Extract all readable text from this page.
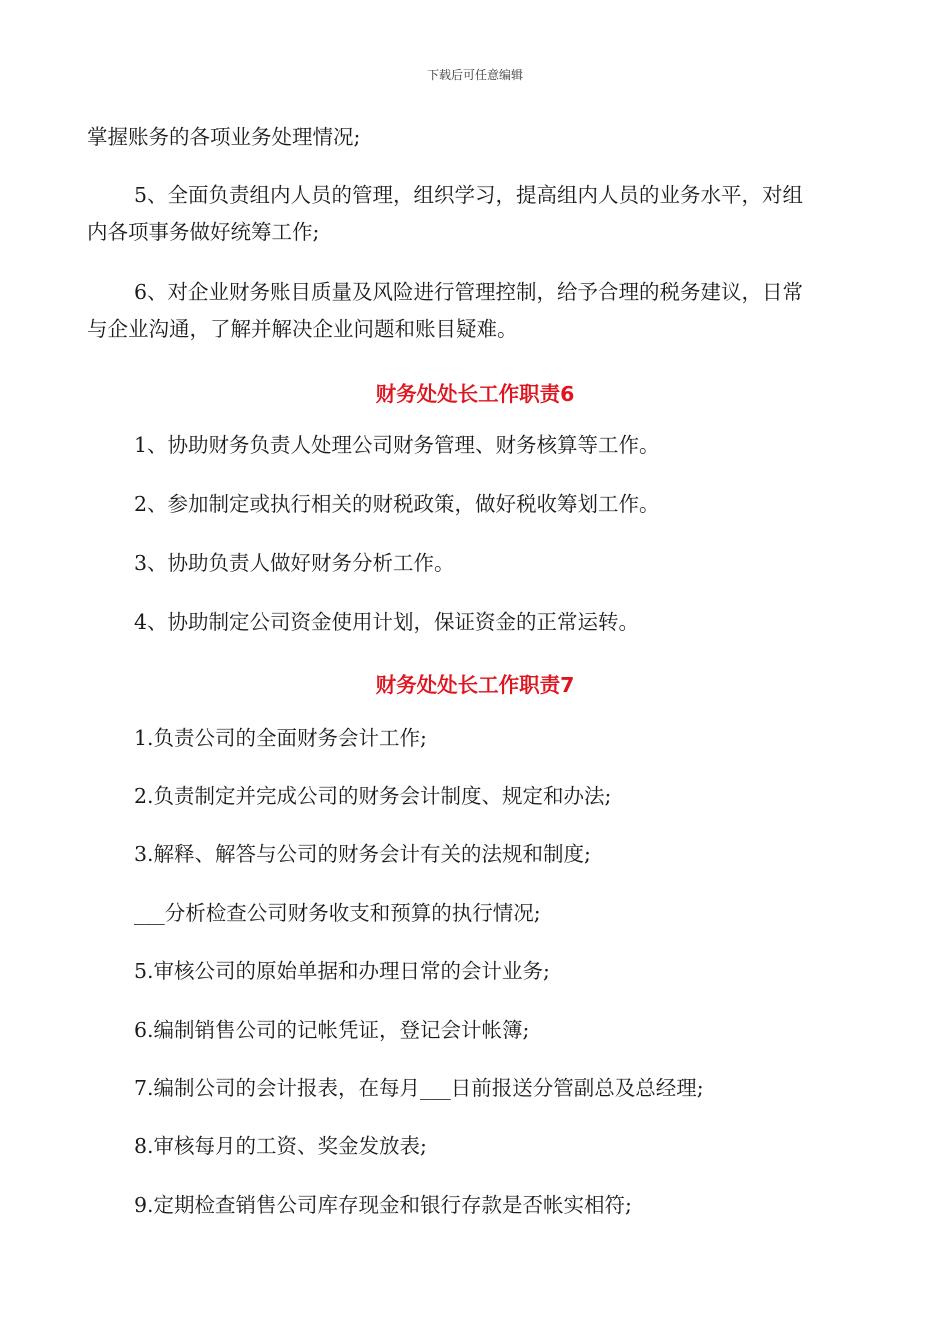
下载后可任意编辑
掌握账务的各项业务处理情况;
5、全面负责组内人员的管理，组织学习，提高组内人员的业务水平，对组
内各项事务做好统筹工作;
6、对企业财务账目质量及风险进行管理控制，给予合理的税务建议，日常
与企业沟通，了解并解决企业问题和账目疑难。
财务处处长工作职责6
1、协助财务负责人处理公司财务管理、财务核算等工作。
2、参加制定或执行相关的财税政策，做好税收筹划工作。
3、协助负责人做好财务分析工作。
4、协助制定公司资金使用计划，保证资金的正常运转。
财务处处长工作职责7
1.负责公司的全面财务会计工作;
2.负责制定并完成公司的财务会计制度、规定和办法;
3.解释、解答与公司的财务会计有关的法规和制度;
___分析检查公司财务收支和预算的执行情况;
5.审核公司的原始单据和办理日常的会计业务;
6.编制销售公司的记帐凭证，登记会计帐簿;
7.编制公司的会计报表，在每月___日前报送分管副总及总经理;
8.审核每月的工资、奖金发放表;
9.定期检查销售公司库存现金和银行存款是否帐实相符;
